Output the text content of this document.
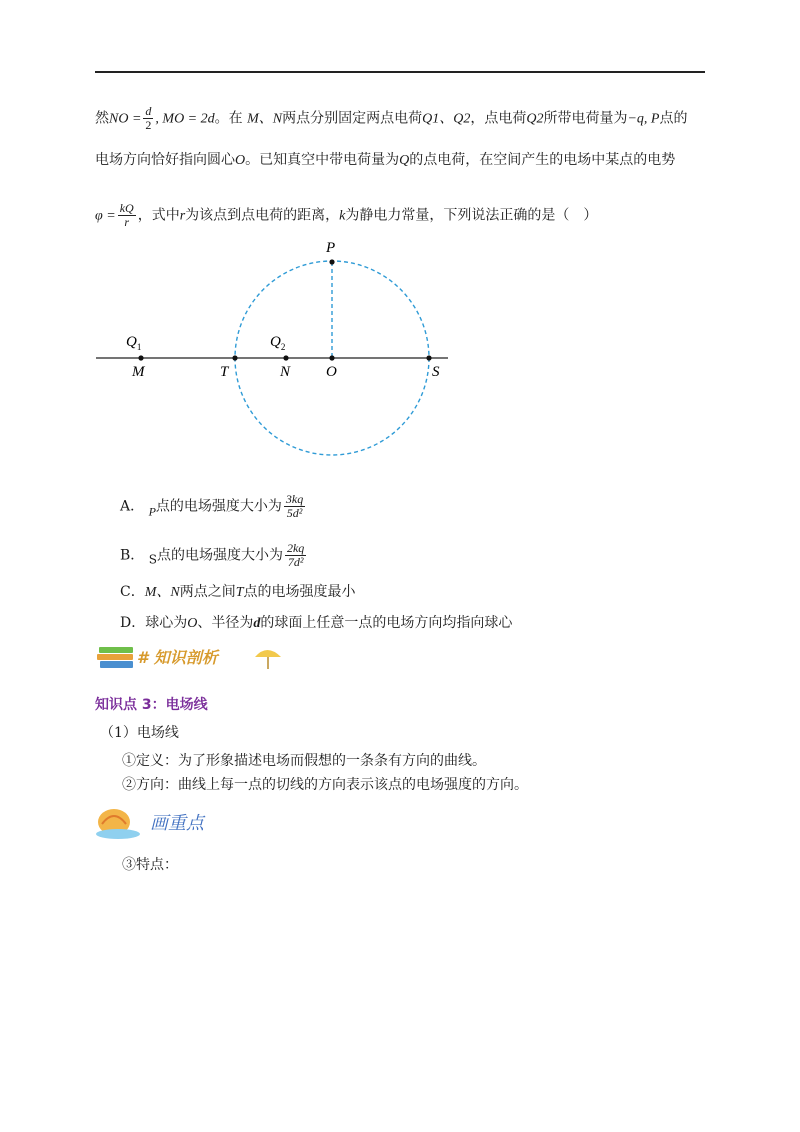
然NO = $\frac{d}{2}$ , MO = 2d。在 M、N两点分别固定两点电荷Q1、Q2，点电荷Q2所带电荷量为−q, P点的
电场方向恰好指向圆心O。已知真空中带电荷量为Q的点电荷，在空间产生的电场中某点的电势
$\varphi = \frac{kQ}{r}$ ，式中r为该点到点电荷的距离，k为静电力常量，下列说法正确的是（　）
P
$Q_1$
M	T
$Q_2$
N O	S
A． P点的电场强度大小为 $\frac{3kq}{\text{5d²}}$
B． S点的电场强度大小为 $\frac{2kq}{\text{7d²}}$
C．M、N两点之间T点的电场强度最小
D．球心为O、半径为d的球面上任意一点的电场方向均指向球心
# 知识剖析
知识点 3：电场线
（1）电场线
①定义：为了形象描述电场而假想的一条条有方向的曲线。
②方向：曲线上每一点的切线的方向表示该点的电场强度的方向。
画重点
③特点：
